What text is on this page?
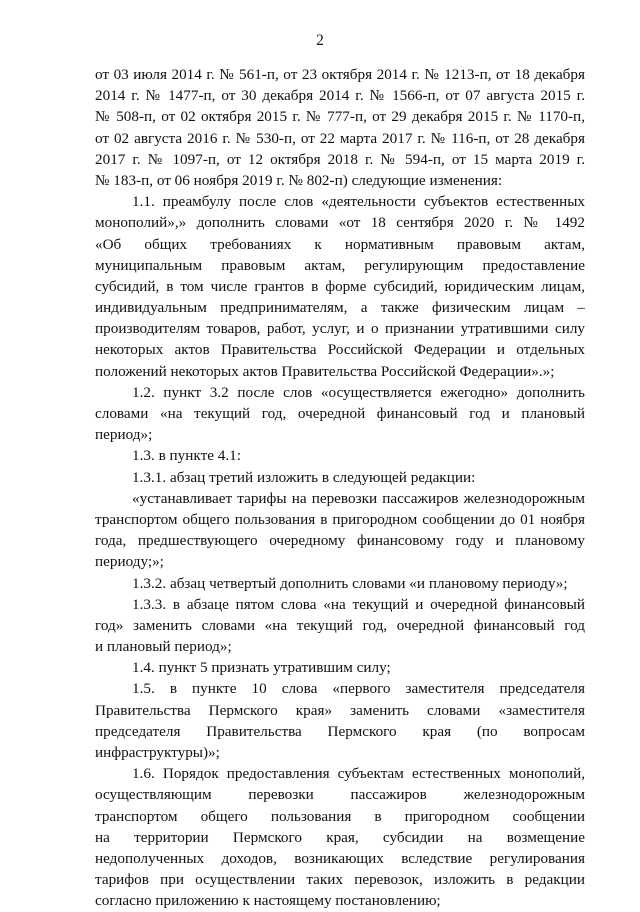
2
от 03 июля 2014 г. № 561-п, от 23 октября 2014 г. № 1213-п, от 18 декабря
2014 г. № 1477-п, от 30 декабря 2014 г. № 1566-п, от 07 августа 2015 г.
№ 508-п, от 02 октября 2015 г. № 777-п, от 29 декабря 2015 г. № 1170-п,
от 02 августа 2016 г. № 530-п, от 22 марта 2017 г. № 116-п, от 28 декабря
2017 г. № 1097-п, от 12 октября 2018 г. № 594-п, от 15 марта 2019 г.
№ 183-п, от 06 ноября 2019 г. № 802-п) следующие изменения:
1.1. преамбулу после слов «деятельности субъектов естественных
монополий»,» дополнить словами «от 18 сентября 2020 г. № 1492
«Об общих требованиях к нормативным правовым актам,
муниципальным правовым актам, регулирующим предоставление
субсидий, в том числе грантов в форме субсидий, юридическим лицам,
индивидуальным предпринимателям, а также физическим лицам –
производителям товаров, работ, услуг, и о признании утратившими силу
некоторых актов Правительства Российской Федерации и отдельных
положений некоторых актов Правительства Российской Федерации».»;
1.2. пункт 3.2 после слов «осуществляется ежегодно» дополнить
словами «на текущий год, очередной финансовый год и плановый
период»;
1.3. в пункте 4.1:
1.3.1. абзац третий изложить в следующей редакции:
«устанавливает тарифы на перевозки пассажиров железнодорожным
транспортом общего пользования в пригородном сообщении до 01 ноября
года, предшествующего очередному финансовому году и плановому
периоду;»;
1.3.2. абзац четвертый дополнить словами «и плановому периоду»;
1.3.3. в абзаце пятом слова «на текущий и очередной финансовый
год» заменить словами «на текущий год, очередной финансовый год
и плановый период»;
1.4. пункт 5 признать утратившим силу;
1.5. в пункте 10 слова «первого заместителя председателя
Правительства Пермского края» заменить словами «заместителя
председателя Правительства Пермского края (по вопросам
инфраструктуры)»;
1.6. Порядок предоставления субъектам естественных монополий,
осуществляющим перевозки пассажиров железнодорожным
транспортом общего пользования в пригородном сообщении
на территории Пермского края, субсидии на возмещение
недополученных доходов, возникающих вследствие регулирования
тарифов при осуществлении таких перевозок, изложить в редакции
согласно приложению к настоящему постановлению;
